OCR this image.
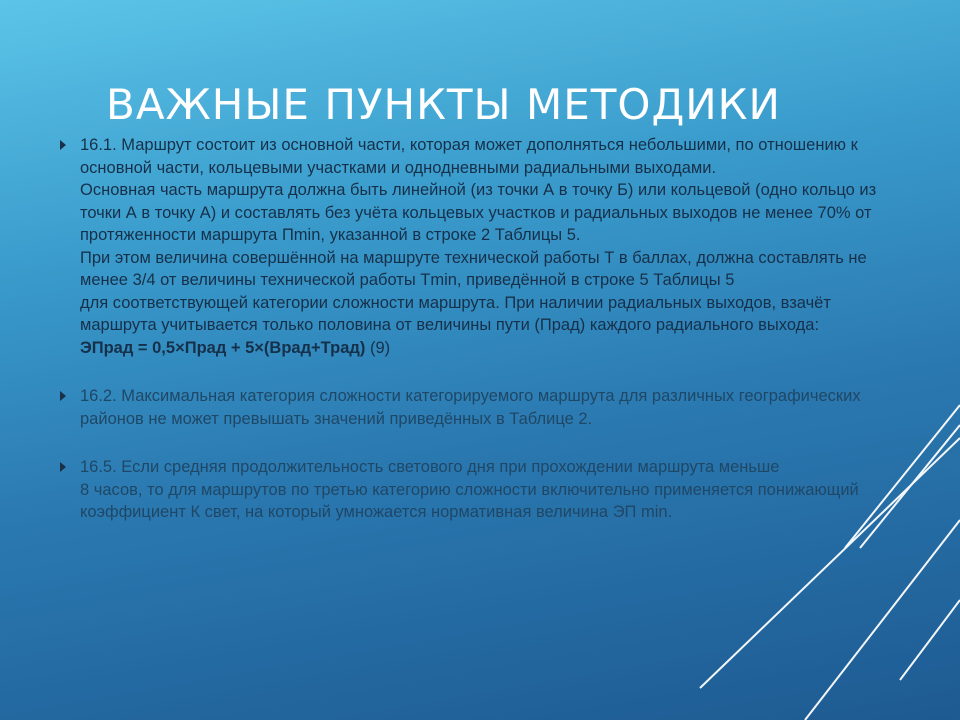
ВАЖНЫЕ ПУНКТЫ МЕТОДИКИ

16.1. Маршрут состоит из основной части, которая может дополняться небольшими, по отношению к основной части, кольцевыми участками и однодневными радиальными выходами.
Основная часть маршрута должна быть линейной (из точки А в точку Б) или кольцевой (одно кольцо из точки А в точку А) и составлять без учёта кольцевых участков и радиальных выходов не менее 70% от протяженности маршрута Пmin, указанной в строке 2 Таблицы 5.
При этом величина совершённой на маршруте технической работы Т в баллах, должна составлять не менее 3/4 от величины технической работы Тmin, приведённой в строке 5 Таблицы 5
для соответствующей категории сложности маршрута. При наличии радиальных выходов, взачёт маршрута учитывается только половина от величины пути (Прад) каждого радиального выхода:

ЭПрад = 0,5×Прад + 5×(Врад+Трад) (9)

16.2. Максимальная категория сложности категорируемого маршрута для различных географических районов не может превышать значений приведённых в Таблице 2.

16.5. Если средняя продолжительность светового дня при прохождении маршрута меньше
8 часов, то для маршрутов по третью категорию сложности включительно применяется понижающий коэффициент К свет, на который умножается нормативная величина ЭП min.
